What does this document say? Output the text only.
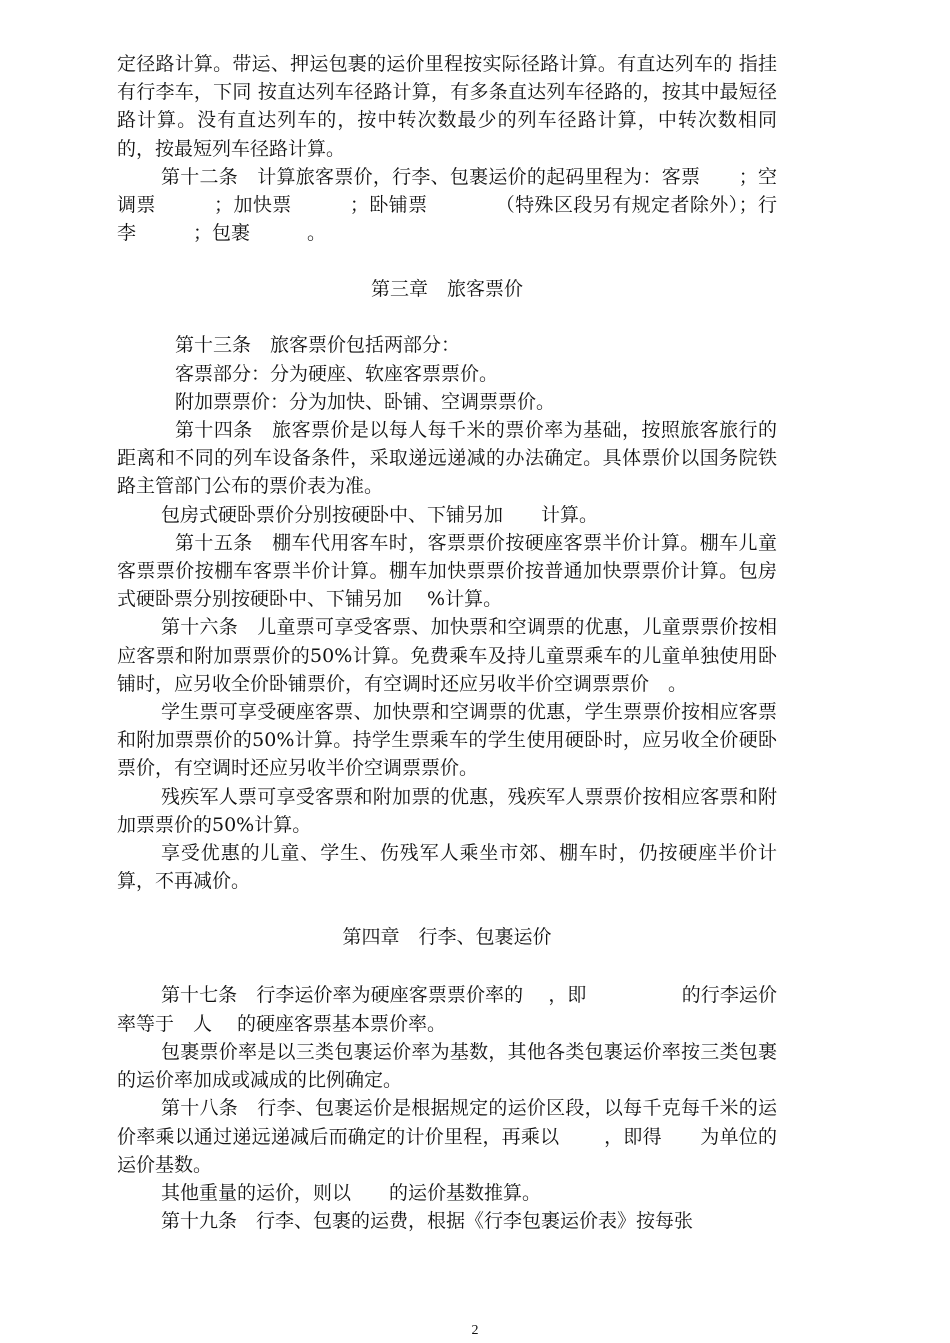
定径路计算。带运、押运包裹的运价里程按实际径路计算。有直达列车的 指挂有行李车，下同 按直达列车径路计算，有多条直达列车径路的，按其中最短径路计算。没有直达列车的，按中转次数最少的列车径路计算，中转次数相同的，按最短列车径路计算。

第十二条　计算旅客票价，行李、包裹运价的起码里程为：客票　　；空调票　　　；加快票　　　；卧铺票　　　　（特殊区段另有规定者除外）；行李　　　；包裹　　　。

第三章　旅客票价

第十三条　旅客票价包括两部分：

客票部分：分为硬座、软座客票票价。

附加票票价：分为加快、卧铺、空调票票价。

第十四条　旅客票价是以每人每千米的票价率为基础，按照旅客旅行的距离和不同的列车设备条件，采取递远递减的办法确定。具体票价以国务院铁路主管部门公布的票价表为准。

包房式硬卧票价分别按硬卧中、下铺另加　　计算。

第十五条　棚车代用客车时，客票票价按硬座客票半价计算。棚车儿童客票票价按棚车客票半价计算。棚车加快票票价按普通加快票票价计算。包房式硬卧票分别按硬卧中、下铺另加　 %计算。

第十六条　儿童票可享受客票、加快票和空调票的优惠，儿童票票价按相应客票和附加票票价的50%计算。免费乘车及持儿童票乘车的儿童单独使用卧铺时，应另收全价卧铺票价，有空调时还应另收半价空调票票价　。

学生票可享受硬座客票、加快票和空调票的优惠，学生票票价按相应客票和附加票票价的50%计算。持学生票乘车的学生使用硬卧时，应另收全价硬卧票价，有空调时还应另收半价空调票票价。

残疾军人票可享受客票和附加票的优惠，残疾军人票票价按相应客票和附加票票价的50%计算。

享受优惠的儿童、学生、伤残军人乘坐市郊、棚车时，仍按硬座半价计算，不再减价。

第四章　行李、包裹运价

第十七条　行李运价率为硬座客票票价率的　 ，即　　　　　的行李运价率等于　人　 的硬座客票基本票价率。

包裹票价率是以三类包裹运价率为基数，其他各类包裹运价率按三类包裹的运价率加成或减成的比例确定。

第十八条　行李、包裹运价是根据规定的运价区段，以每千克每千米的运价率乘以通过递远递减后而确定的计价里程，再乘以　　 ，即得　　为单位的运价基数。

其他重量的运价，则以　　的运价基数推算。

第十九条　行李、包裹的运费，根据《行李包裹运价表》按每张

2
